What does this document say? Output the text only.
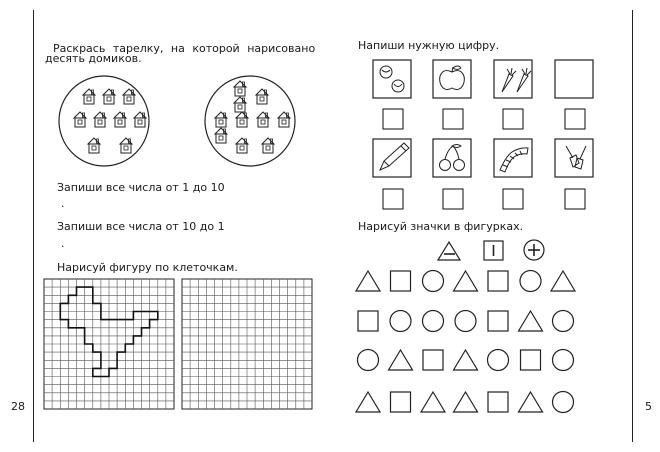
Раскрась тарелку, на которой нарисовано
десять домиков.
Запиши все числа от 1 до 10
.
Запиши все числа от 10 до 1
.
Нарисуй фигуру по клеточкам.
28
Напиши нужную цифру.
Нарисуй значки в фигурках.
5
